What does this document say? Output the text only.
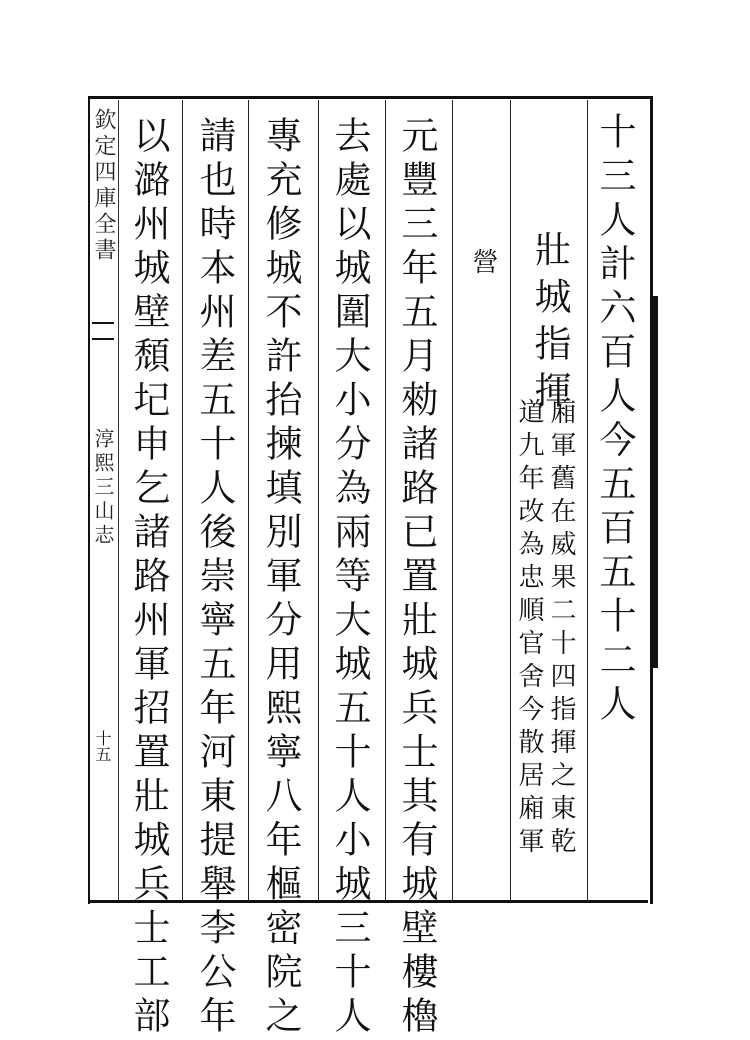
欽定四庫全書
淳熙三山志
十五
十三人計六百人今五百五十二人
壯城指揮
廂軍舊在威果二十四指揮之東乾
道九年改為忠順官舍今散居廂軍
營
元豐三年五月勑諸路已置壯城兵士其有城壁樓櫓
去處以城圍大小分為兩等大城五十人小城三十人
專充修城不許抬揀填別軍分用熙寧八年樞密院之
請也時本州差五十人後崇寧五年河東提舉李公年
以潞州城壁頹圮申乞諸路州軍招置壯城兵士工部
